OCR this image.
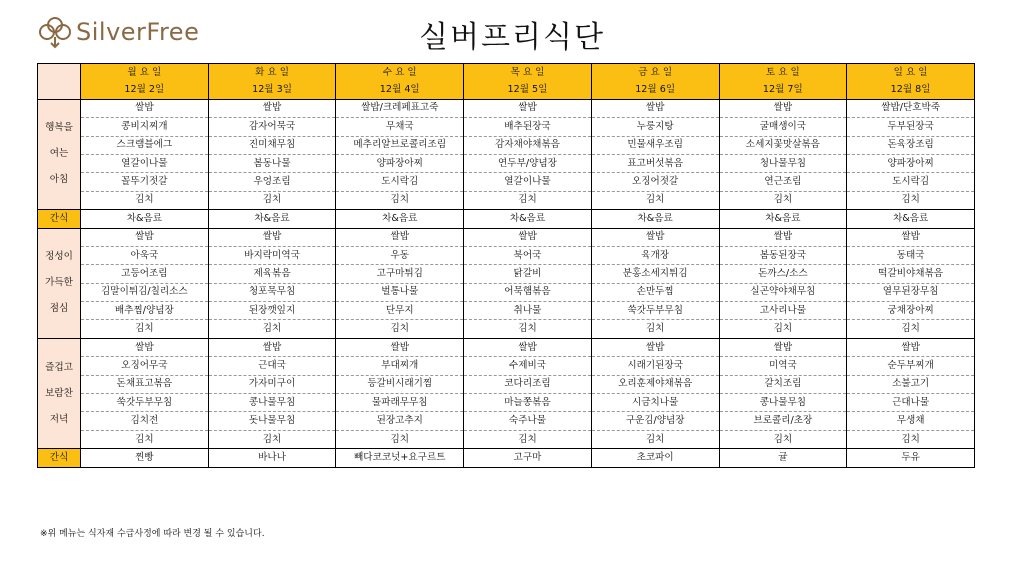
SilverFree	실버프리식단
	월 요 일	화 요 일	수 요 일	목 요 일	금 요 일	토 요 일	일 요 일
	12월 2일	12월 3일	12월 4일	12월 5일	12월 6일	12월 7일	12월 8일

행복을
여는
아침	쌀밥	쌀밥	쌀밥/크레페표고죽	쌀밥	쌀밥	쌀밥	쌀밥/단호박죽
	콩비지찌개	감자어묵국	무채국	배추된장국	누룽지탕	굴매생이국	두부된장국
	스크램블에그	진미채무침	메추리알브로콜리조림	감자채야채볶음	민물새우조림	소세지꽃맛살볶음	돈육장조림
	열갈이나물	봄동나물	양파장아찌	연두부/양념장	표고버섯볶음	청나물무침	양파장아찌
	꼴뚜기젓갈	우엉조림	도시락김	열갈이나물	오징어젓갈	연근조림	도시락김
	김치	김치	김치	김치	김치	김치	김치
간식	차&음료	차&음료	차&음료	차&음료	차&음료	차&음료	차&음료

정성이
가득한
점심	쌀밥	쌀밥	쌀밥	쌀밥	쌀밥	쌀밥	쌀밥
	아욱국	바지락미역국	우동	북어국	육개장	봄동된장국	동태국
	고등어조림	제육볶음	고구마튀김	닭갈비	분홍소세지튀김	돈까스/소스	떡갈비야채볶음
	김말이튀김/칠리소스	청포묵무침	벌통나물	어묵햄볶음	손만두찜	실곤약야채무침	열무된장무침
	배추찜/양념장	된장깻잎지	단무지	취나물	쑥갓두부무침	고사리나물	궁채장아찌
	김치	김치	김치	김치	김치	김치	김치

즐겁고
보람찬
저녁	쌀밥	쌀밥	쌀밥	쌀밥	쌀밥	쌀밥	쌀밥
	오징어무국	근대국	부대찌개	수제비국	시래기된장국	미역국	순두부찌개
	돈채표고볶음	가자미구이	등갈비시래기찜	코다리조림	오리훈제야채볶음	갈치조림	소불고기
	쑥갓두부무침	콩나물무침	물파래무무침	마늘쫑볶음	시금치나물	콩나물무침	근대나물
	김치전	돗나물무침	된장고추지	숙주나물	구운김/양념장	브로콜리/초장	무생채
	김치	김치	김치	김치	김치	김치	김치
간식	찐빵	바나나	빼다코코넛+요구르트	고구마	초코파이	귤	두유
※위 메뉴는 식자재 수급사정에 따라 변경 될 수 있습니다.
